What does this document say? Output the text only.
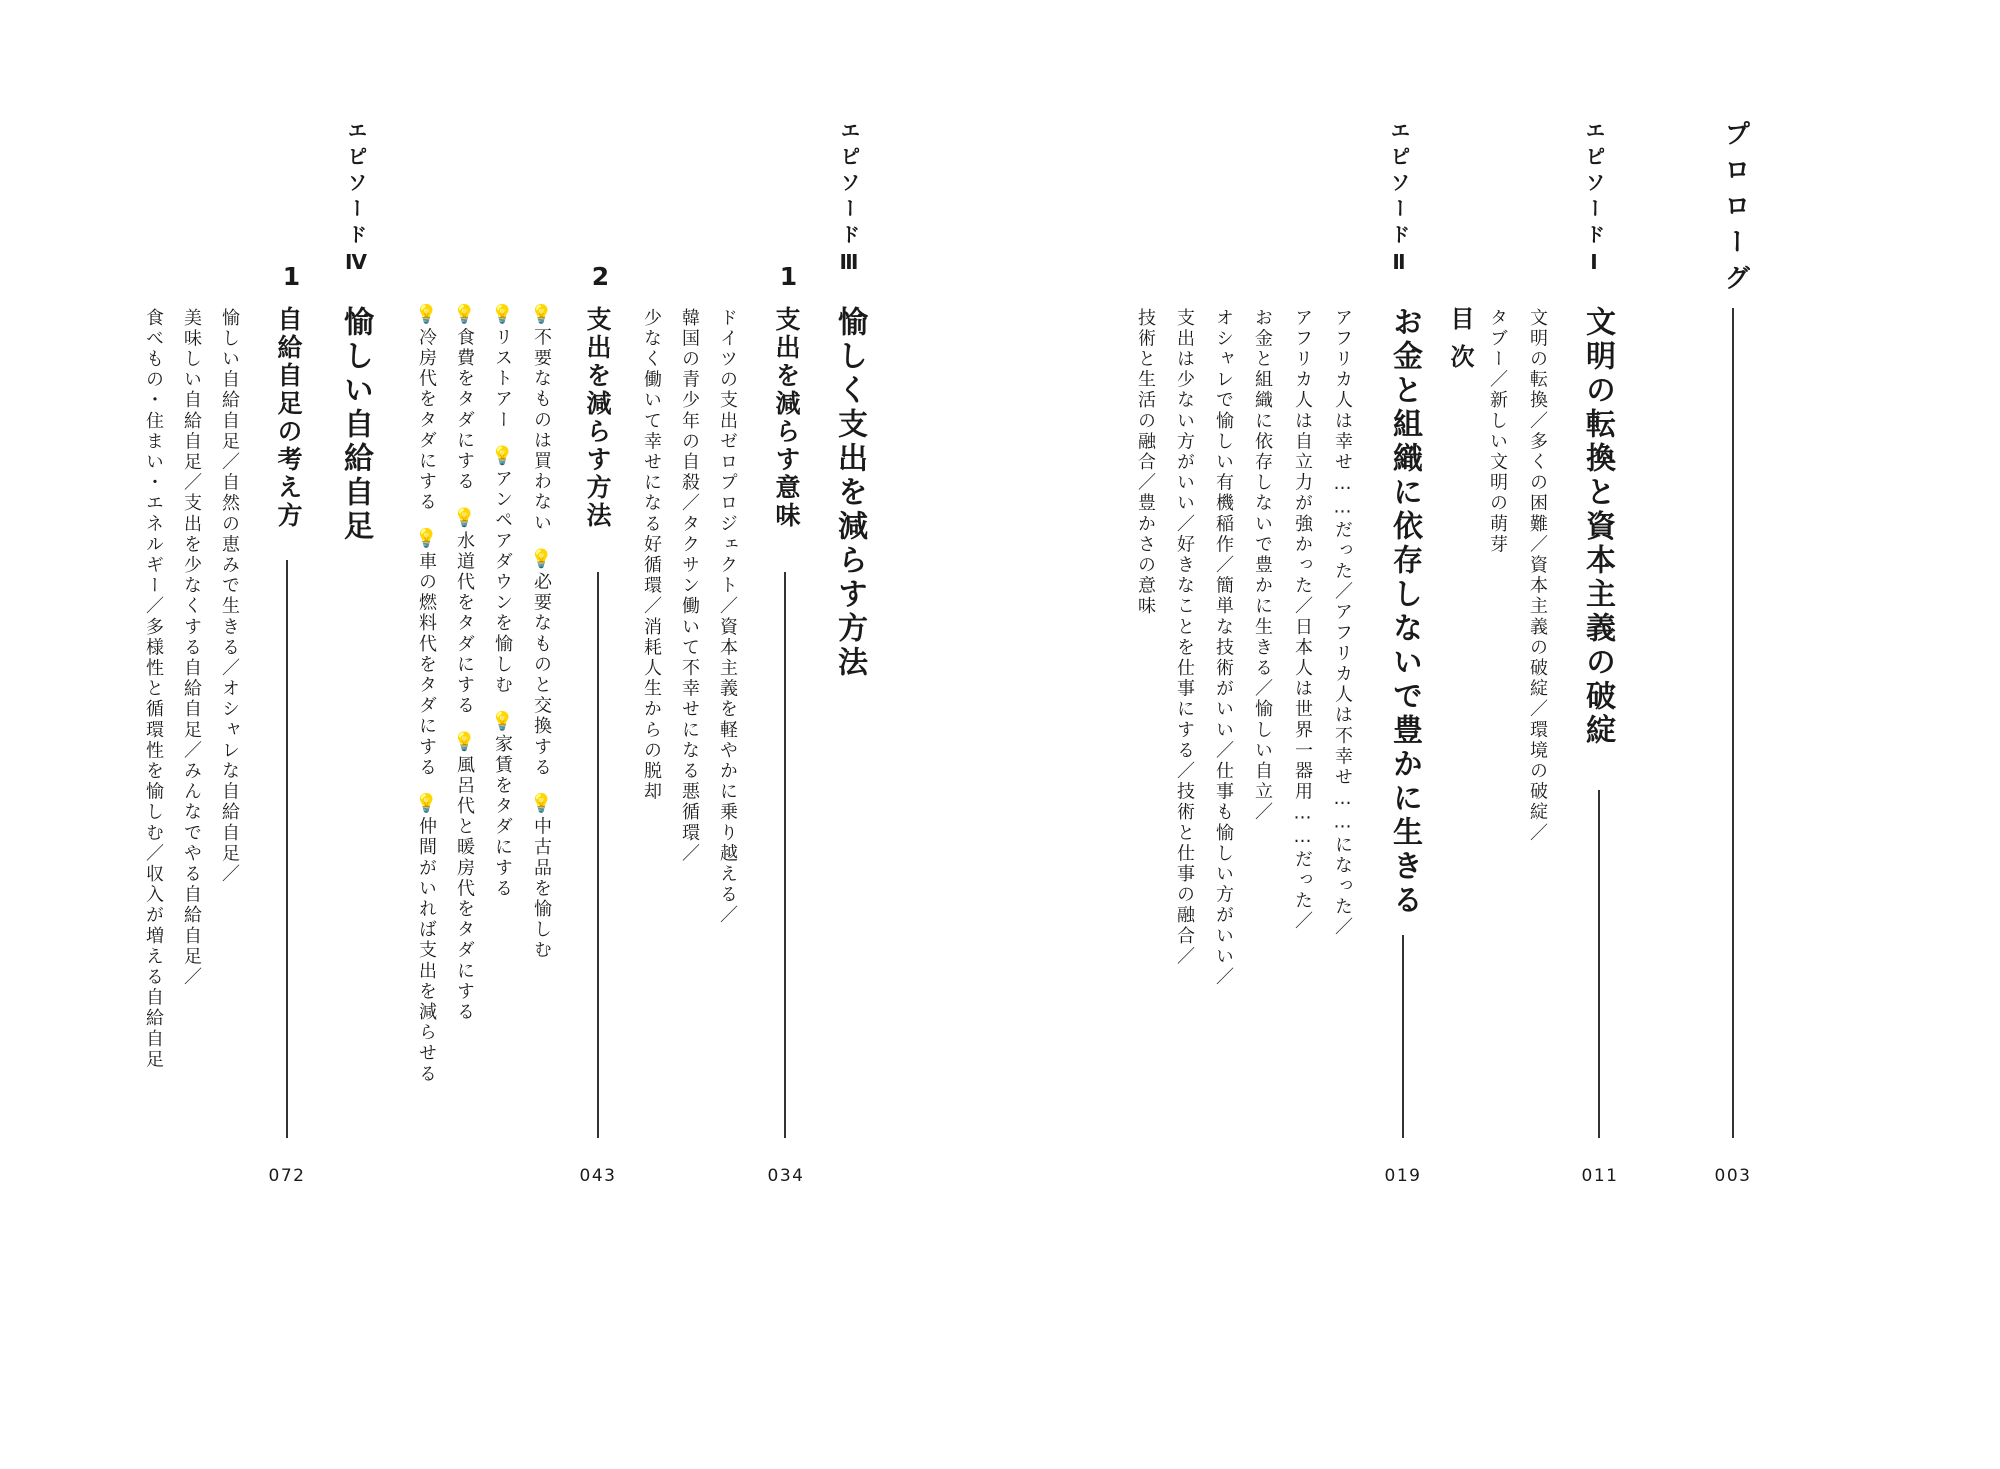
目次
プロローグ
003
エピソードⅠ
文明の転換と資本主義の破綻
文明の転換／多くの困難／資本主義の破綻／環境の破綻／
タブー／新しい文明の萌芽
011
エピソードⅡ
お金と組織に依存しないで豊かに生きる
アフリカ人は幸せ……だった／アフリカ人は不幸せ……になった／
アフリカ人は自立力が強かった／日本人は世界一器用……だった／
お金と組織に依存しないで豊かに生きる／愉しい自立／
オシャレで愉しい有機稲作／簡単な技術がいい／仕事も愉しい方がいい／
支出は少ない方がいい／好きなことを仕事にする／技術と仕事の融合／
技術と生活の融合／豊かさの意味
019
エピソードⅢ
愉しく支出を減らす方法
1
支出を減らす意味
ドイツの支出ゼロプロジェクト／資本主義を軽やかに乗り越える／
韓国の青少年の自殺／タクサン働いて不幸せになる悪循環／
少なく働いて幸せになる好循環／消耗人生からの脱却
034
2
支出を減らす方法
💡不要なものは買わない💡必要なものと交換する💡中古品を愉しむ
💡リストアー💡アンペアダウンを愉しむ💡家賃をタダにする
💡食費をタダにする💡水道代をタダにする💡風呂代と暖房代をタダにする
💡冷房代をタダにする💡車の燃料代をタダにする💡仲間がいれば支出を減らせる
043
エピソードⅣ
愉しい自給自足
1
自給自足の考え方
愉しい自給自足／自然の恵みで生きる／オシャレな自給自足／
美味しい自給自足／支出を少なくする自給自足／みんなでやる自給自足／
食べもの・住まい・エネルギー／多様性と循環性を愉しむ／収入が増える自給自足
072
